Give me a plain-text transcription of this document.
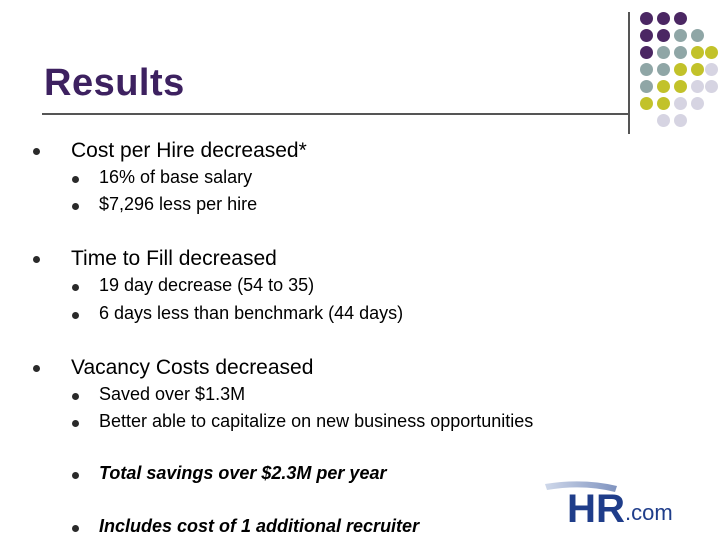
Results
Cost per Hire decreased*
16% of base salary
$7,296 less per hire
Time to Fill decreased
19 day decrease (54 to 35)
6 days less than benchmark (44 days)
Vacancy Costs decreased
Saved over $1.3M
Better able to capitalize on new business opportunities
Total savings over $2.3M per year
Includes cost of 1 additional recruiter	HR .com
